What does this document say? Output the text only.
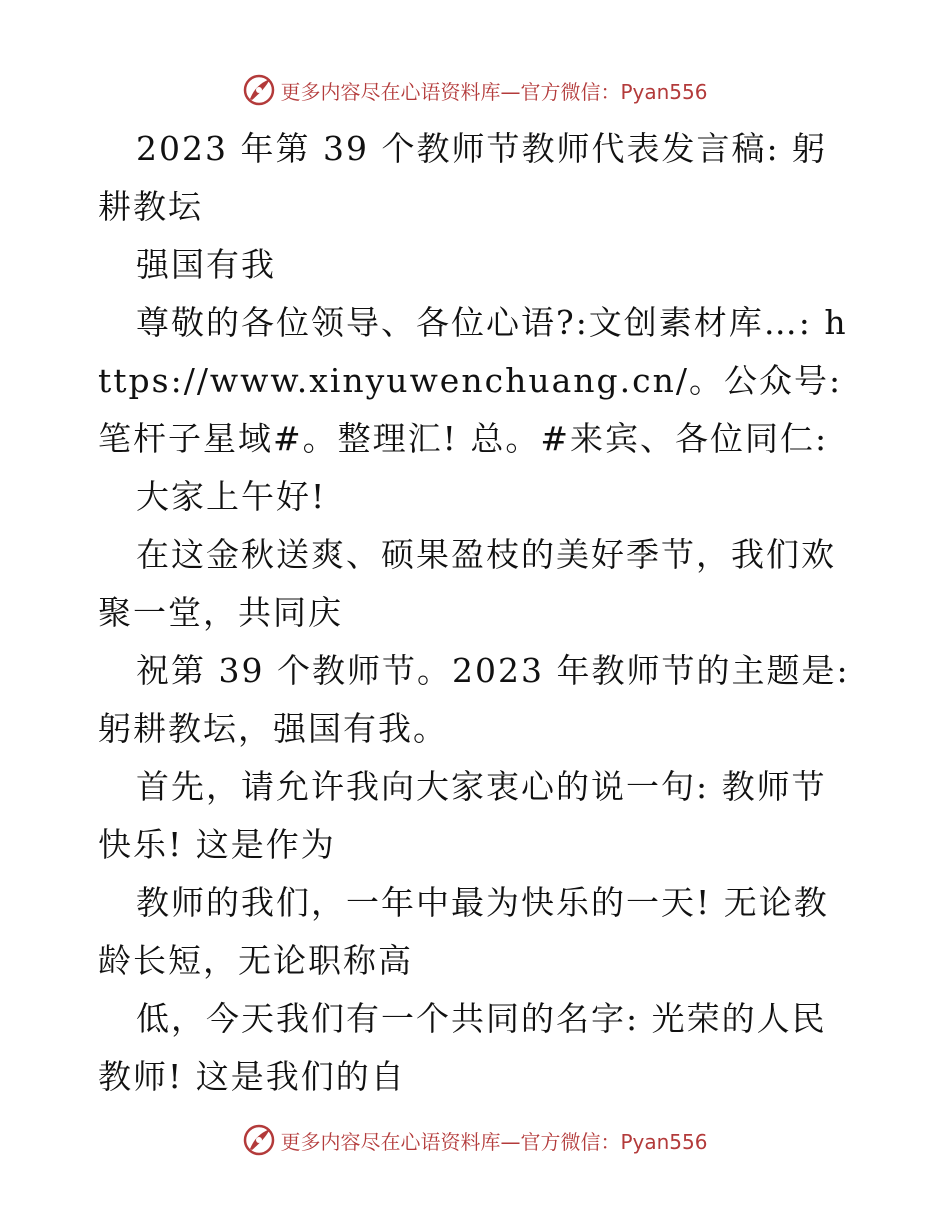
更多内容尽在心语资料库—官方微信：Pyan556

2023 年第 39 个教师节教师代表发言稿: 躬耕教坛

强国有我

尊敬的各位领导、各位心语?:文创素材库…: https://www.xinyuwenchuang.cn/。公众号: 笔杆子星域#。整理汇! 总。#来宾、各位同仁:

大家上午好!

在这金秋送爽、硕果盈枝的美好季节，我们欢聚一堂，共同庆

祝第 39 个教师节。2023 年教师节的主题是: 躬耕教坛，强国有我。

首先，请允许我向大家衷心的说一句: 教师节快乐! 这是作为

教师的我们，一年中最为快乐的一天! 无论教龄长短，无论职称高

低，今天我们有一个共同的名字: 光荣的人民教师! 这是我们的自

更多内容尽在心语资料库—官方微信：Pyan556
